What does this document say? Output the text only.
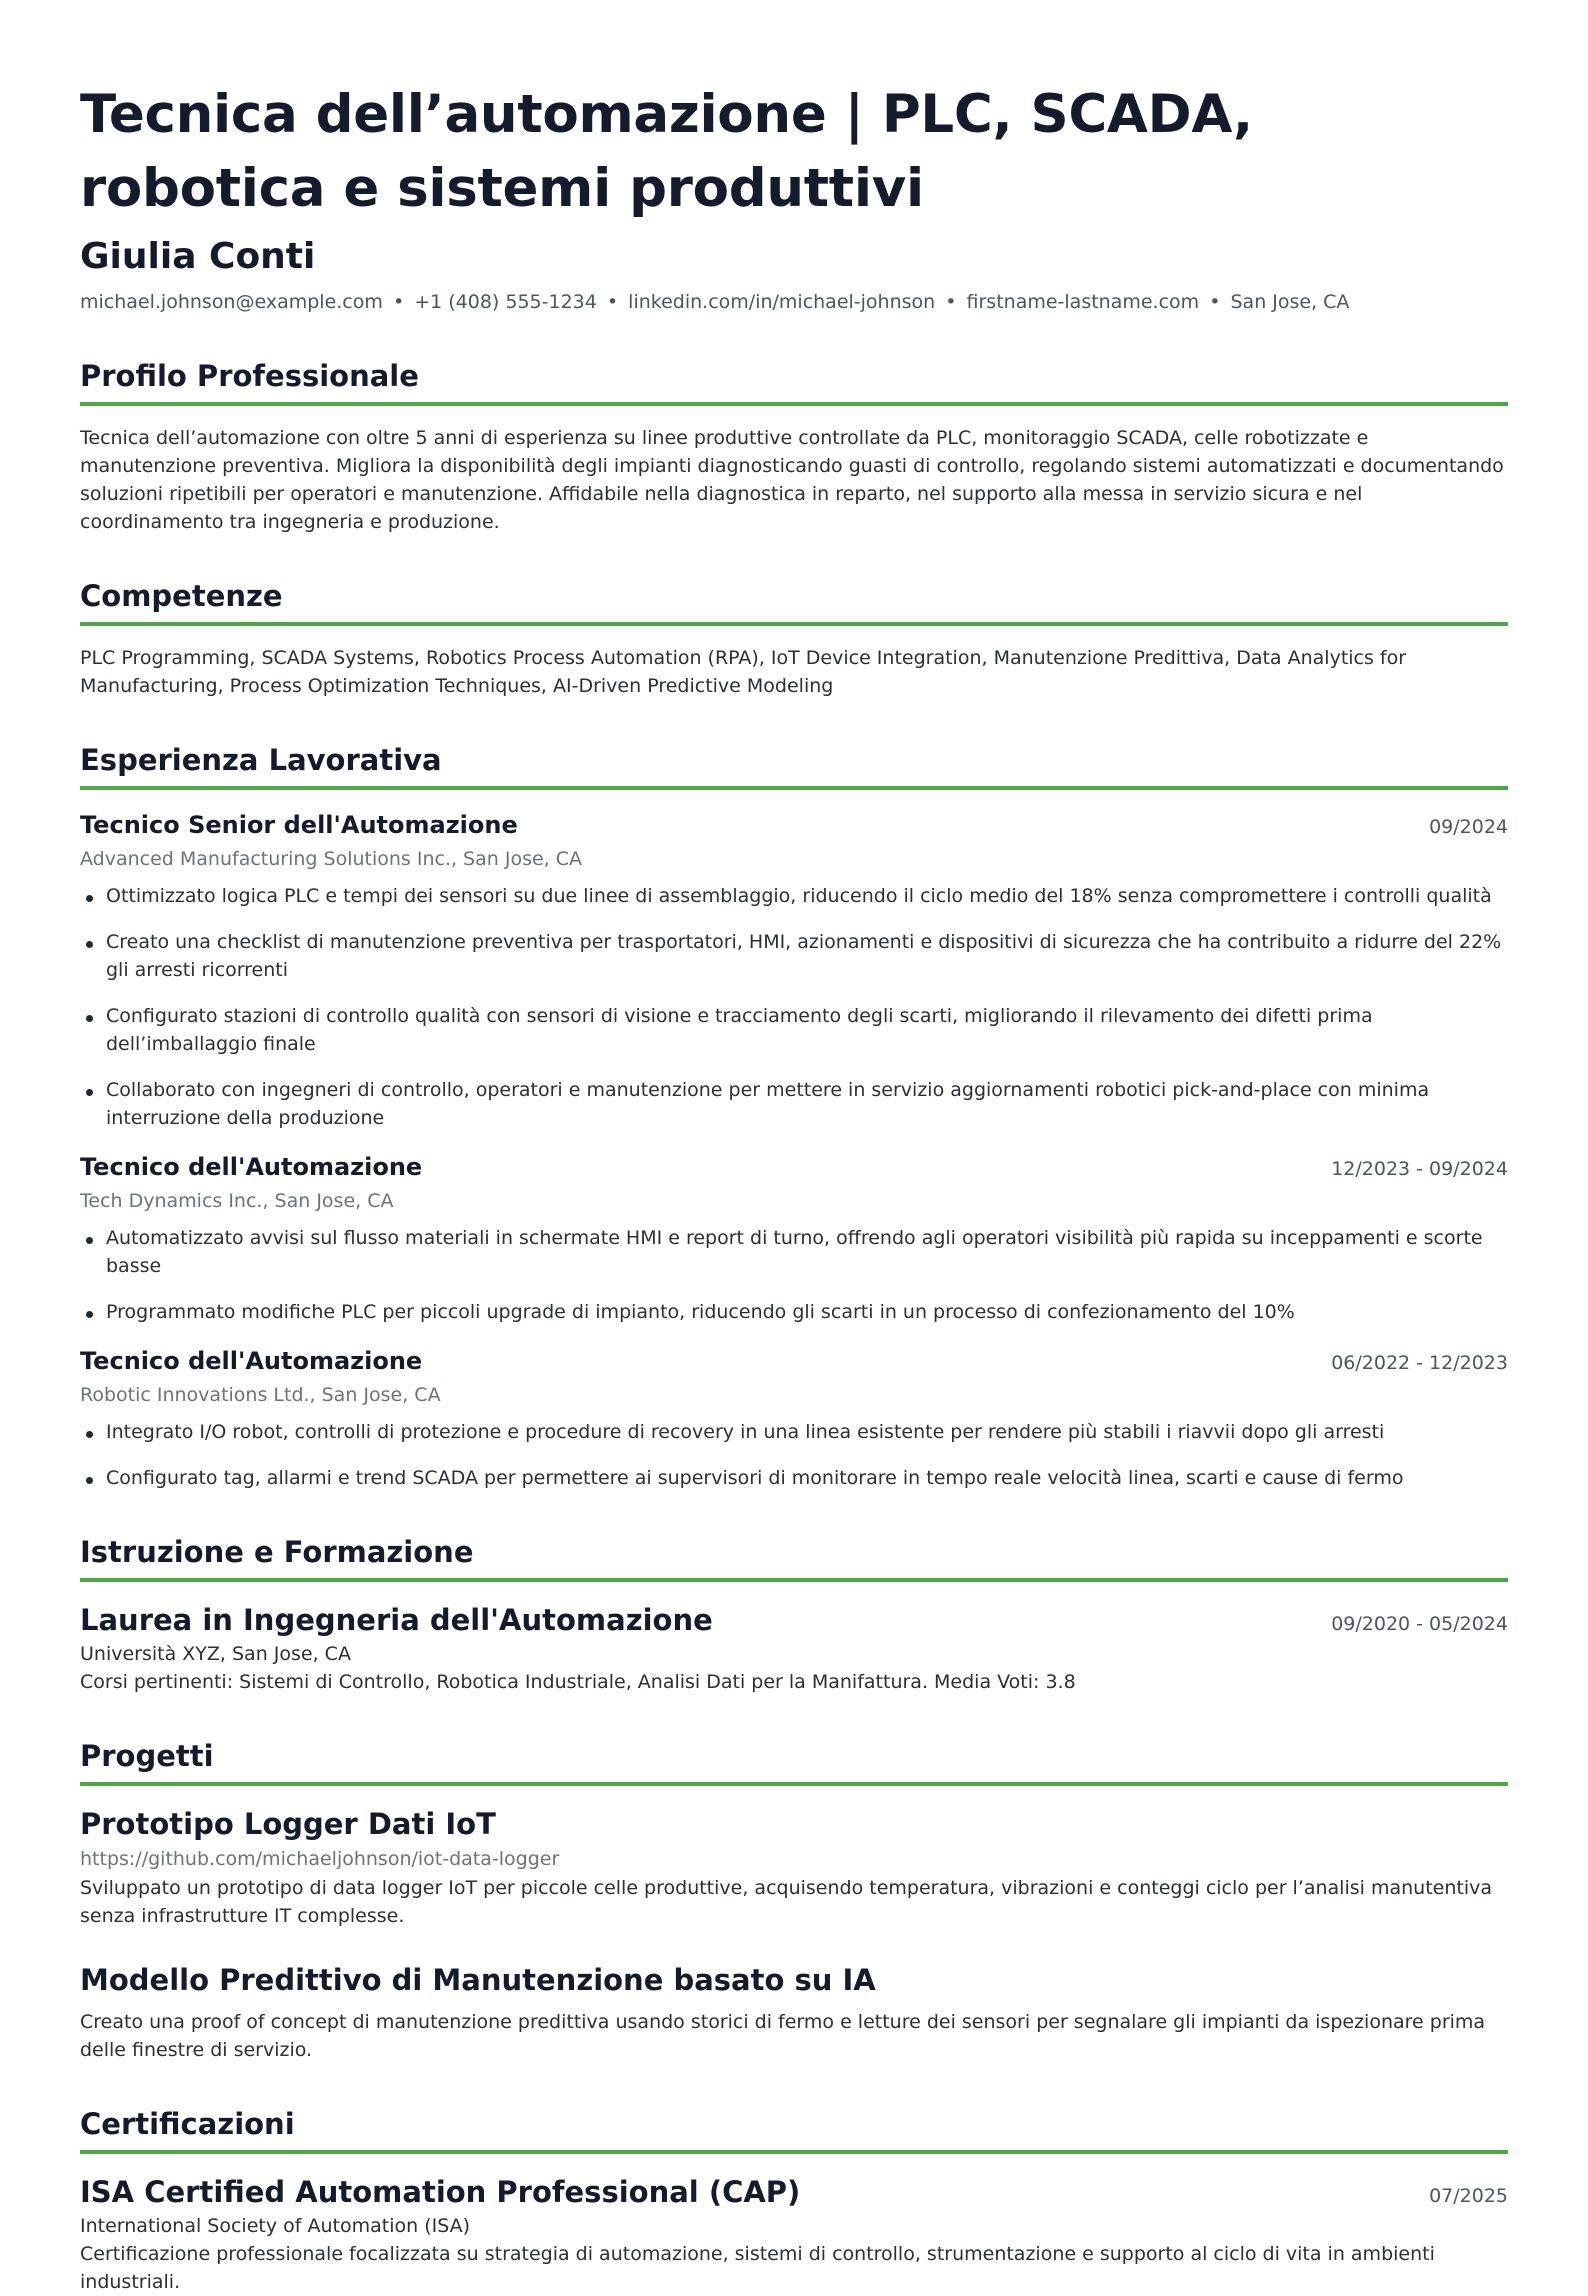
Tecnica dell’automazione | PLC, SCADA, robotica e sistemi produttivi
Giulia Conti
michael.johnson@example.com • +1 (408) 555-1234 • linkedin.com/in/michael-johnson • firstname-lastname.com • San Jose, CA
Profilo Professionale

Tecnica dell’automazione con oltre 5 anni di esperienza su linee produttive controllate da PLC, monitoraggio SCADA, celle robotizzate e manutenzione preventiva. Migliora la disponibilità degli impianti diagnosticando guasti di controllo, regolando sistemi automatizzati e documentando soluzioni ripetibili per operatori e manutenzione. Affidabile nella diagnostica in reparto, nel supporto alla messa in servizio sicura e nel coordinamento tra ingegneria e produzione.

Competenze

PLC Programming, SCADA Systems, Robotics Process Automation (RPA), IoT Device Integration, Manutenzione Predittiva, Data Analytics for Manufacturing, Process Optimization Techniques, AI-Driven Predictive Modeling

Esperienza Lavorativa
Tecnico Senior dell'Automazione	09/2024
Advanced Manufacturing Solutions Inc., San Jose, CA
Ottimizzato logica PLC e tempi dei sensori su due linee di assemblaggio, riducendo il ciclo medio del 18% senza compromettere i controlli qualità
Creato una checklist di manutenzione preventiva per trasportatori, HMI, azionamenti e dispositivi di sicurezza che ha contribuito a ridurre del 22% gli arresti ricorrenti
Configurato stazioni di controllo qualità con sensori di visione e tracciamento degli scarti, migliorando il rilevamento dei difetti prima dell’imballaggio finale
Collaborato con ingegneri di controllo, operatori e manutenzione per mettere in servizio aggiornamenti robotici pick-and-place con minima interruzione della produzione
Tecnico dell'Automazione	12/2023 - 09/2024
Tech Dynamics Inc., San Jose, CA
Automatizzato avvisi sul flusso materiali in schermate HMI e report di turno, offrendo agli operatori visibilità più rapida su inceppamenti e scorte basse
Programmato modifiche PLC per piccoli upgrade di impianto, riducendo gli scarti in un processo di confezionamento del 10%
Tecnico dell'Automazione	06/2022 - 12/2023
Robotic Innovations Ltd., San Jose, CA
Integrato I/O robot, controlli di protezione e procedure di recovery in una linea esistente per rendere più stabili i riavvii dopo gli arresti
Configurato tag, allarmi e trend SCADA per permettere ai supervisori di monitorare in tempo reale velocità linea, scarti e cause di fermo
Istruzione e Formazione
Laurea in Ingegneria dell'Automazione	09/2020 - 05/2024
Università XYZ, San Jose, CA
Corsi pertinenti: Sistemi di Controllo, Robotica Industriale, Analisi Dati per la Manifattura. Media Voti: 3.8
Progetti
Prototipo Logger Dati IoT
https://github.com/michaeljohnson/iot-data-logger

Sviluppato un prototipo di data logger IoT per piccole celle produttive, acquisendo temperatura, vibrazioni e conteggi ciclo per l’analisi manutentiva senza infrastrutture IT complesse.

Modello Predittivo di Manutenzione basato su IA

Creato una proof of concept di manutenzione predittiva usando storici di fermo e letture dei sensori per segnalare gli impianti da ispezionare prima delle finestre di servizio.

Certificazioni
ISA Certified Automation Professional (CAP)	07/2025
International Society of Automation (ISA)
Certificazione professionale focalizzata su strategia di automazione, sistemi di controllo, strumentazione e supporto al ciclo di vita in ambienti industriali.
